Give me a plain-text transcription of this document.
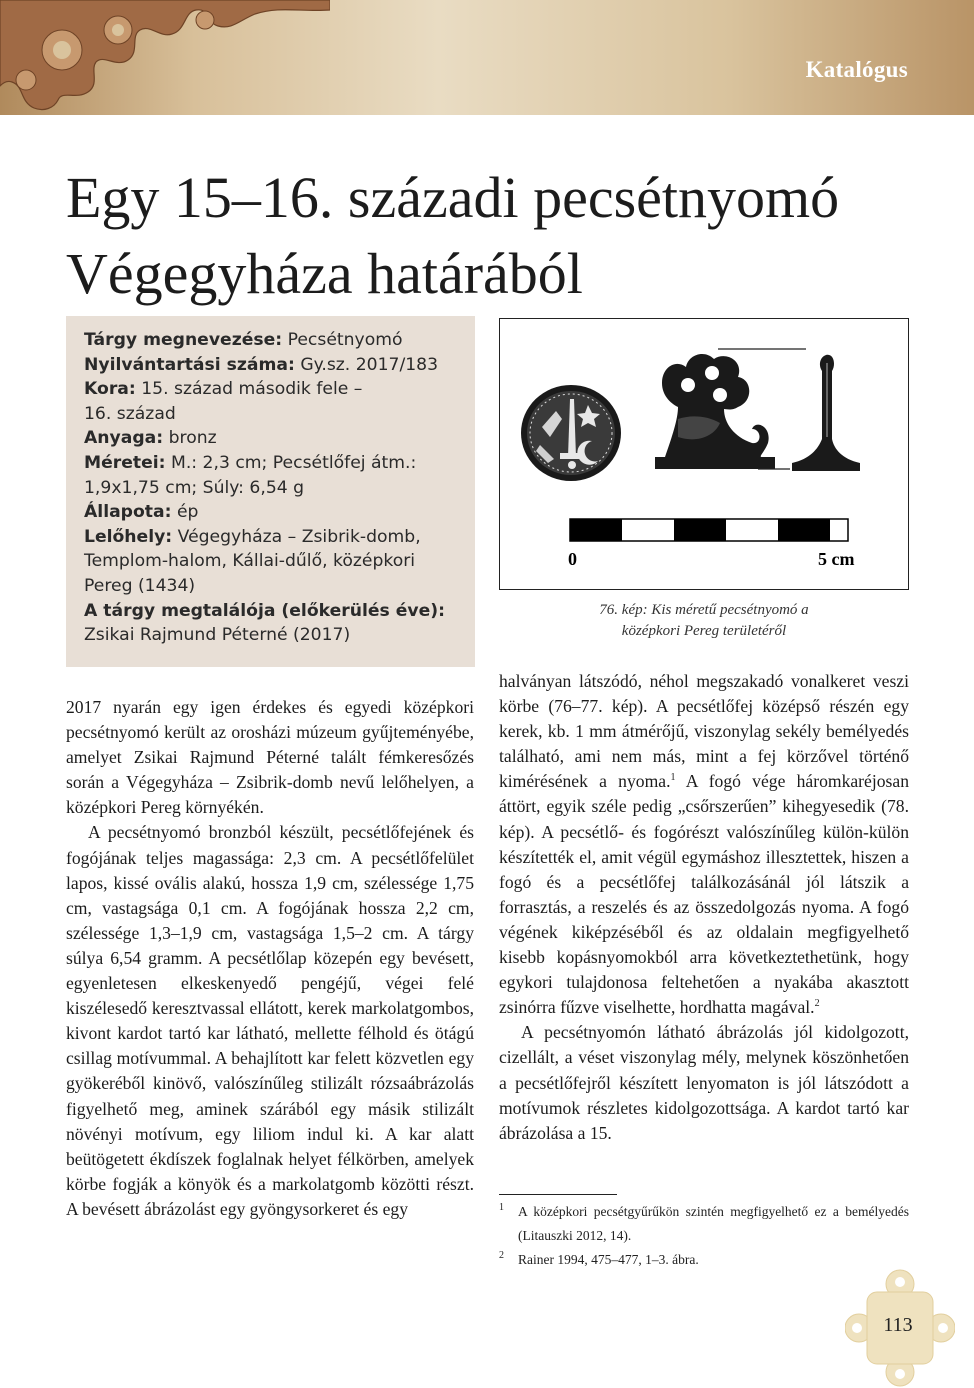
Katalógus
Egy 15–16. századi pecsétnyomó
Végegyháza határából

Tárgy megnevezése: Pecsétnyomó

Nyilvántartási száma: Gy.sz. 2017/183

Kora: 15. század második fele – 16. század

Anyaga: bronz

Méretei: M.: 2,3 cm; Pecsétlőfej átm.: 1,9x1,75 cm; Súly: 6,54 g

Állapota: ép

Lelőhely: Végegyháza – Zsibrik-domb, Templom-halom, Kállai-dűlő, középkori Pereg (1434)

A tárgy megtalálója (előkerülés éve):
Zsikai Rajmund Péterné (2017)

0	5 cm
76. kép: Kis méretű pecsétnyomó a
középkori Pereg területéről

2017 nyarán egy igen érdekes és egyedi középkori pecsétnyomó került az orosházi múzeum gyűjteményébe, amelyet Zsikai Rajmund Péterné talált fémkeresőzés során a Végegyháza – Zsibrik-domb nevű lelőhelyen, a középkori Pereg környékén.

A pecsétnyomó bronzból készült, pecsétlőfejének és fogójának teljes magassága: 2,3 cm. A pecsétlőfelület lapos, kissé ovális alakú, hossza 1,9 cm, szélessége 1,75 cm, vastagsága 0,1 cm. A fogójának hossza 2,2 cm, szélessége 1,3–1,9 cm, vastagsága 1,5–2 cm. A tárgy súlya 6,54 gramm. A pecsétlőlap közepén egy bevésett, egyenletesen elkeskenyedő pengéjű, végei felé kiszélesedő keresztvassal ellátott, kerek markolatgombos, kivont kardot tartó kar látható, mellette félhold és ötágú csillag motívummal. A behajlított kar felett közvetlen egy gyökeréből kinövő, valószínűleg stilizált rózsaábrázolás figyelhető meg, aminek szárából egy másik stilizált növényi motívum, egy liliom indul ki. A kar alatt beütögetett ékdíszek foglalnak helyet félkörben, amelyek körbe fogják a könyök és a markolatgomb közötti részt. A bevésett ábrázolást egy gyöngysorkeret és egy

halványan látszódó, néhol megszakadó vonalkeret veszi körbe (76–77. kép). A pecsétlőfej középső részén egy kerek, kb. 1 mm átmérőjű, viszonylag sekély bemélyedés található, ami nem más, mint a fej körzővel történő kimérésének a nyoma.$^1$ A fogó vége háromkaréjosan áttört, egyik széle pedig „csőrszerűen” kihegyesedik (78. kép). A pecsétlő- és fogórészt valószínűleg külön-külön készítették el, amit végül egymáshoz illesztettek, hiszen a fogó és a pecsétlőfej találkozásánál jól látszik a forrasztás, a reszelés és az összedolgozás nyoma. A fogó végének kiképzéséből és az oldalain megfigyelhető kisebb kopásnyomokból arra következtethetünk, hogy egykori tulajdonosa feltehetően a nyakába akasztott zsinórra fűzve viselhette, hordhatta magával.$^2$

A pecsétnyomón látható ábrázolás jól kidolgozott, cizellált, a véset viszonylag mély, melynek köszönhetően a pecsétlőfejről készített lenyomaton is jól látszódott a motívumok részletes kidolgozottsága. A kardot tartó kar ábrázolása a 15.

1 A középkori pecsétgyűrűkön szintén megfigyelhető ez a bemélyedés (Litauszki 2012, 14).
2 Rainer 1994, 475–477, 1–3. ábra.
113
